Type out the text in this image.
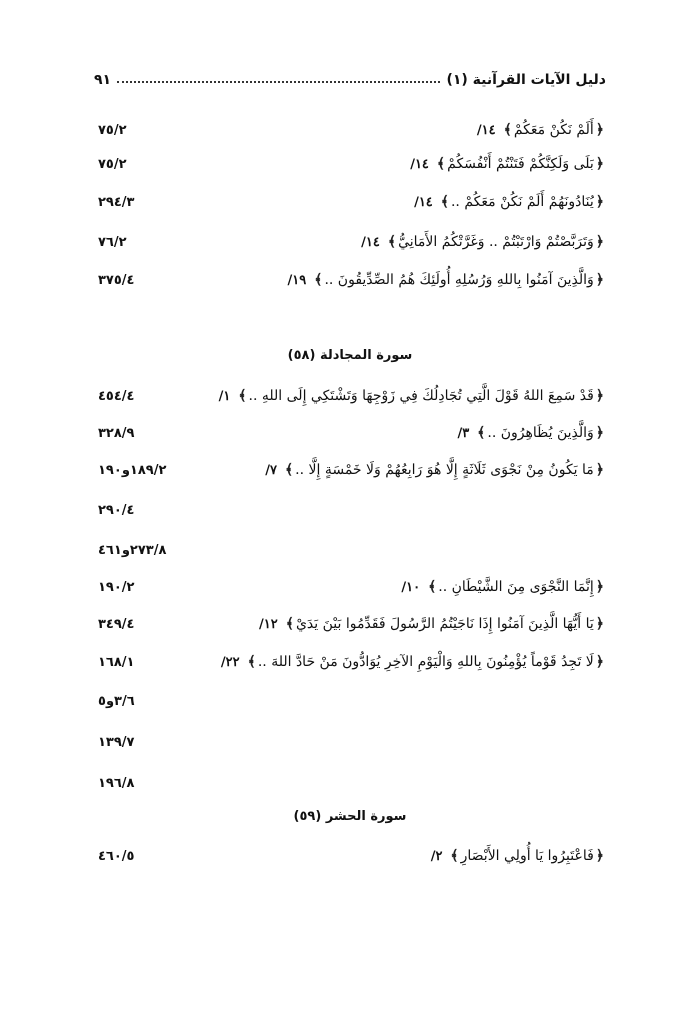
دليل الآيات القرآنية (١)
٩١
﴿
أَلَمْ نَكُنْ مَعَكُمْ
﴾
١٤/
٧٥/٢
﴿
بَلَى وَلَكِنَّكُمْ فَتَنْتُمْ أَنْفُسَكُمْ
﴾
١٤/
٧٥/٢
﴿
يُنَادُونَهُمْ أَلَمْ نَكُنْ مَعَكُمْ ..
﴾
١٤/
٢٩٤/٣
﴿
وَتَرَبَّصْتُمْ وَارْتَبْتُمْ .. وَغَرَّتْكُمُ الأَمَانِيُّ
﴾
١٤/
٧٦/٢
﴿
وَالَّذِينَ آمَنُوا بِاللهِ وَرُسُلِهِ أُولَئِكَ هُمُ الصِّدِّيقُونَ ..
﴾
١٩/
٣٧٥/٤
سورة المجادلة (٥٨)
﴿
قَدْ سَمِعَ اللهُ قَوْلَ الَّتِي تُجَادِلُكَ فِي زَوْجِهَا وَتَشْتَكِي إِلَى اللهِ ..
﴾
١/
٤٥٤/٤
﴿
وَالَّذِينَ يُظَاهِرُونَ ..
﴾
٣/
٣٢٨/٩
﴿
مَا يَكُونُ مِنْ نَجْوَى ثَلَاثَةٍ إِلَّا هُوَ رَابِعُهُمْ وَلَا خَمْسَةٍ إِلَّا ..
﴾
٧/
١٨٩/٢و١٩٠
٢٩٠/٤
٢٧٣/٨و٤٦١
﴿
إِنَّمَا النَّجْوَى مِنَ الشَّيْطَانِ ..
﴾
١٠/
١٩٠/٢
﴿
يَا أَيُّهَا الَّذِينَ آمَنُوا إِذَا نَاجَيْتُمُ الرَّسُولَ فَقَدِّمُوا بَيْنَ يَدَيْ
﴾
١٢/
٣٤٩/٤
﴿
لَا تَجِدُ قَوْماً يُؤْمِنُونَ بِاللهِ وَالْيَوْمِ الآخِرِ يُوَادُّونَ مَنْ حَادَّ اللهَ ..
﴾
٢٢/
١٦٨/١
٣/٦و٥
١٣٩/٧
١٩٦/٨
سورة الحشر (٥٩)
﴿
فَاعْتَبِرُوا يَا أُولِي الأَبْصَارِ
﴾
٢/
٤٦٠/٥
